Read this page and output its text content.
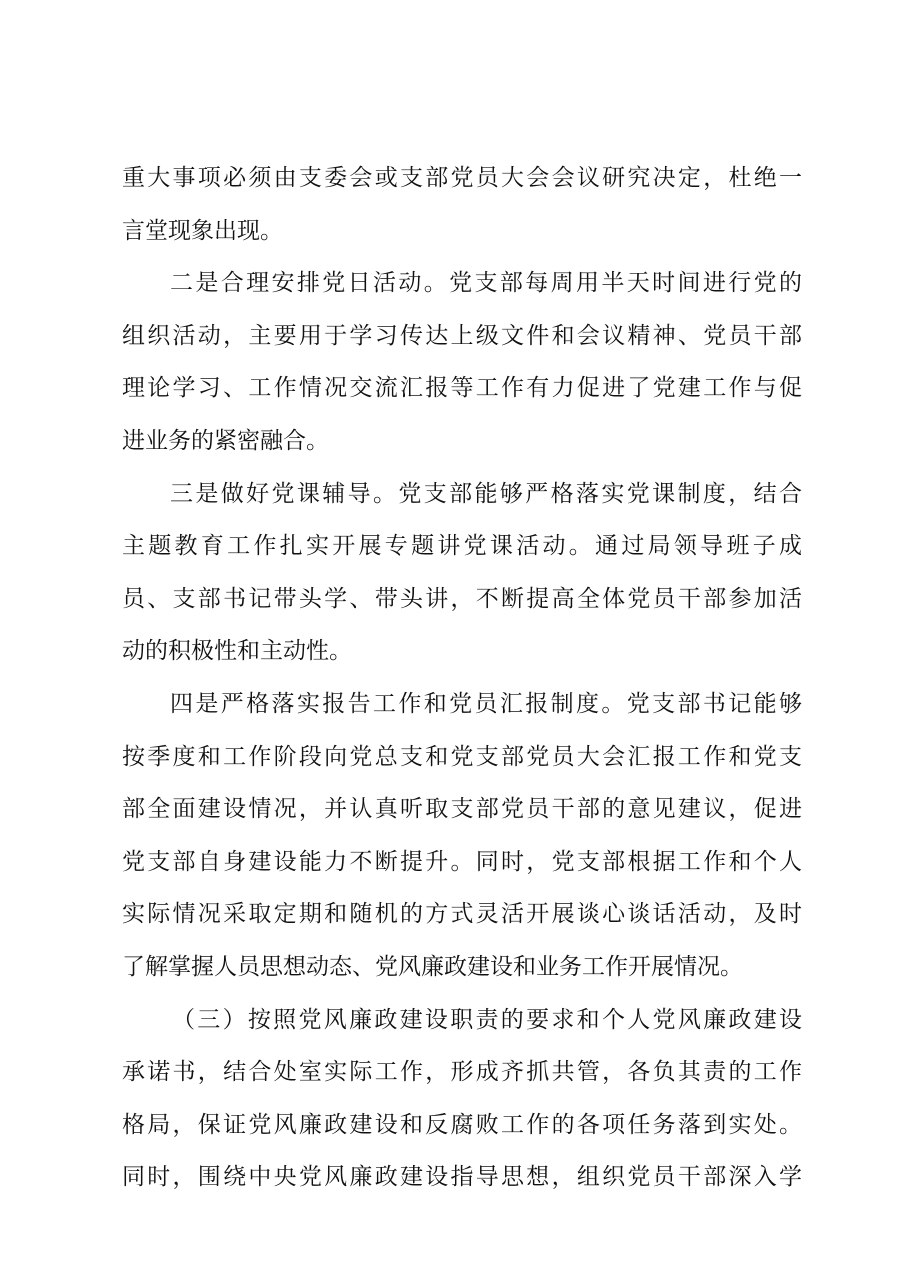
重大事项必须由支委会或支部党员大会会议研究决定，杜绝一
言堂现象出现。
二是合理安排党日活动。党支部每周用半天时间进行党的
组织活动，主要用于学习传达上级文件和会议精神、党员干部
理论学习、工作情况交流汇报等工作有力促进了党建工作与促
进业务的紧密融合。
三是做好党课辅导。党支部能够严格落实党课制度，结合
主题教育工作扎实开展专题讲党课活动。通过局领导班子成
员、支部书记带头学、带头讲，不断提高全体党员干部参加活
动的积极性和主动性。
四是严格落实报告工作和党员汇报制度。党支部书记能够
按季度和工作阶段向党总支和党支部党员大会汇报工作和党支
部全面建设情况，并认真听取支部党员干部的意见建议，促进
党支部自身建设能力不断提升。同时，党支部根据工作和个人
实际情况采取定期和随机的方式灵活开展谈心谈话活动，及时
了解掌握人员思想动态、党风廉政建设和业务工作开展情况。
（三）按照党风廉政建设职责的要求和个人党风廉政建设
承诺书，结合处室实际工作，形成齐抓共管，各负其责的工作
格局，保证党风廉政建设和反腐败工作的各项任务落到实处。
同时，围绕中央党风廉政建设指导思想，组织党员干部深入学
